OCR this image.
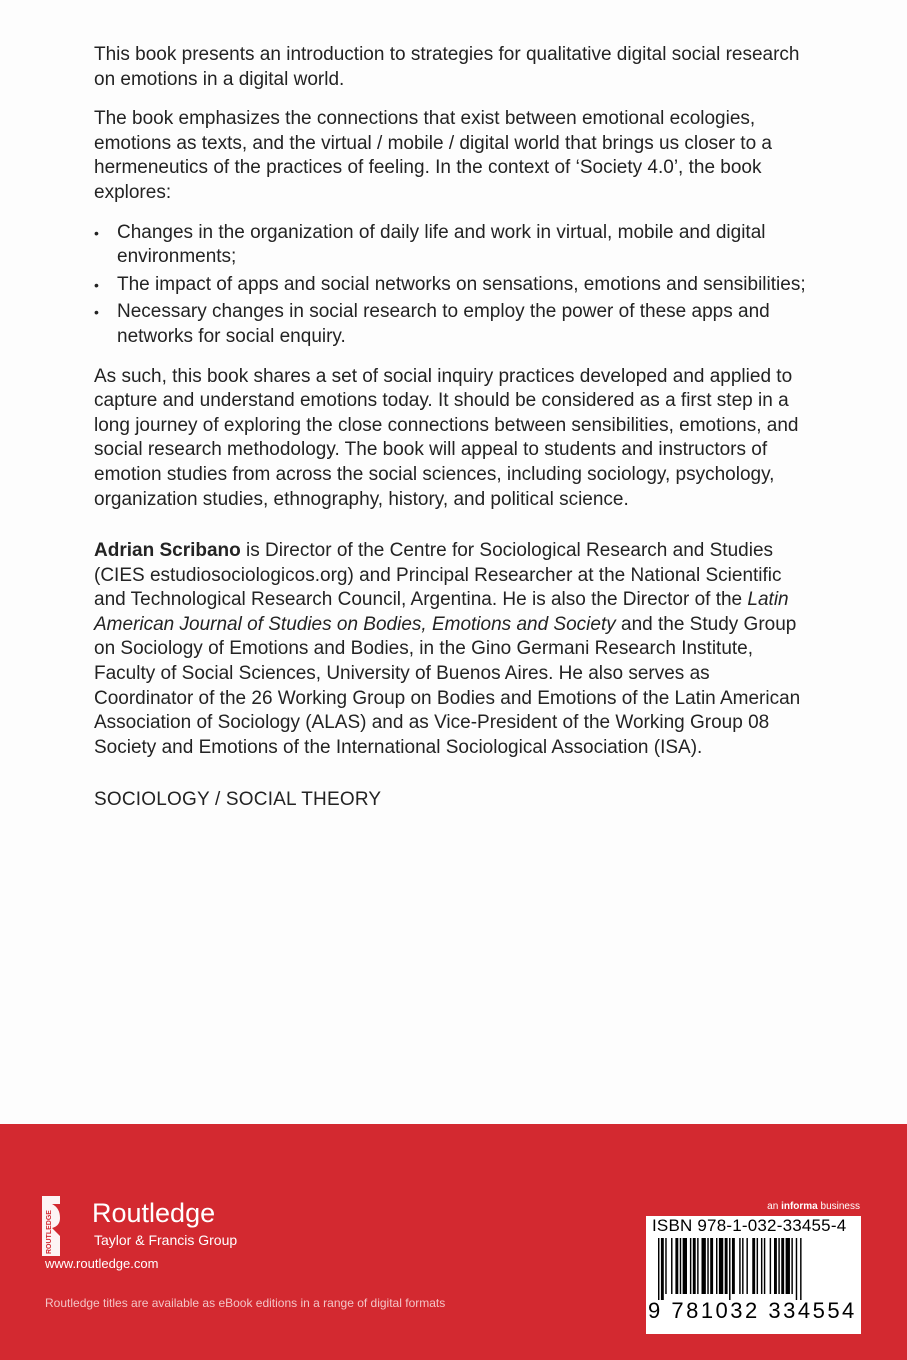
This book presents an introduction to strategies for qualitative digital social research on emotions in a digital world.

The book emphasizes the connections that exist between emotional ecologies, emotions as texts, and the virtual / mobile / digital world that brings us closer to a hermeneutics of the practices of feeling. In the context of ‘Society 4.0’, the book explores:

• Changes in the organization of daily life and work in virtual, mobile and digital environments;
• The impact of apps and social networks on sensations, emotions and sensibilities;
• Necessary changes in social research to employ the power of these apps and networks for social enquiry.

As such, this book shares a set of social inquiry practices developed and applied to capture and understand emotions today. It should be considered as a first step in a long journey of exploring the close connections between sensibilities, emotions, and social research methodology. The book will appeal to students and instructors of emotion studies from across the social sciences, including sociology, psychology, organization studies, ethnography, history, and political science.

Adrian Scribano is Director of the Centre for Sociological Research and Studies (CIES estudiosociologicos.org) and Principal Researcher at the National Scientific and Technological Research Council, Argentina. He is also the Director of the Latin American Journal of Studies on Bodies, Emotions and Society and the Study Group on Sociology of Emotions and Bodies, in the Gino Germani Research Institute, Faculty of Social Sciences, University of Buenos Aires. He also serves as Coordinator of the 26 Working Group on Bodies and Emotions of the Latin American Association of Sociology (ALAS) and as Vice-President of the Working Group 08 Society and Emotions of the International Sociological Association (ISA).

SOCIOLOGY / SOCIAL THEORY

ROUTLEDGE Routledge
Taylor & Francis Group
www.routledge.com
Routledge titles are available as eBook editions in a range of digital formats
an informa business
ISBN 978-1-032-33455-4
9 781032 334554
